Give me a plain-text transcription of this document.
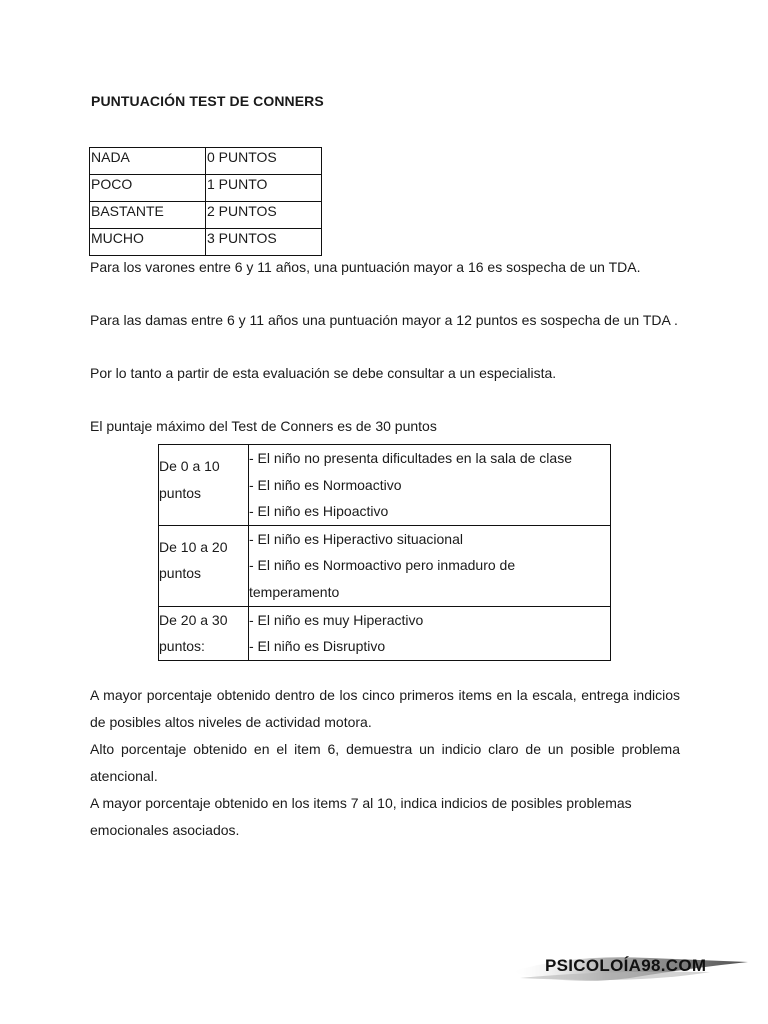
PUNTUACIÓN TEST DE CONNERS
NADA	0 PUNTOS
POCO	1 PUNTO
BASTANTE	2 PUNTOS
MUCHO	3 PUNTOS

Para los varones entre 6 y 11 años, una puntuación mayor a 16 es sospecha de un TDA.

Para las damas entre 6 y 11 años una puntuación mayor a 12 puntos es sospecha de un TDA .

Por lo tanto a partir de esta evaluación se debe consultar a un especialista.

El puntaje máximo del Test de Conners es de 30 puntos

De 0 a 10 puntos	- El niño no presenta dificultades en la sala de clase
- El niño es Normoactivo
- El niño es Hipoactivo

De 10 a 20 puntos	- El niño es Hiperactivo situacional
- El niño es Normoactivo pero inmaduro de temperamento

De 20 a 30 puntos:	- El niño es muy Hiperactivo
- El niño es Disruptivo

A mayor porcentaje obtenido dentro de los cinco primeros items en la escala, entrega indicios de posibles altos niveles de actividad motora.

Alto porcentaje obtenido en el item 6, demuestra un indicio claro de un posible problema atencional.

A mayor porcentaje obtenido en los items 7 al 10, indica indicios de posibles problemas emocionales asociados.

PSICOLOÍA98.COM
